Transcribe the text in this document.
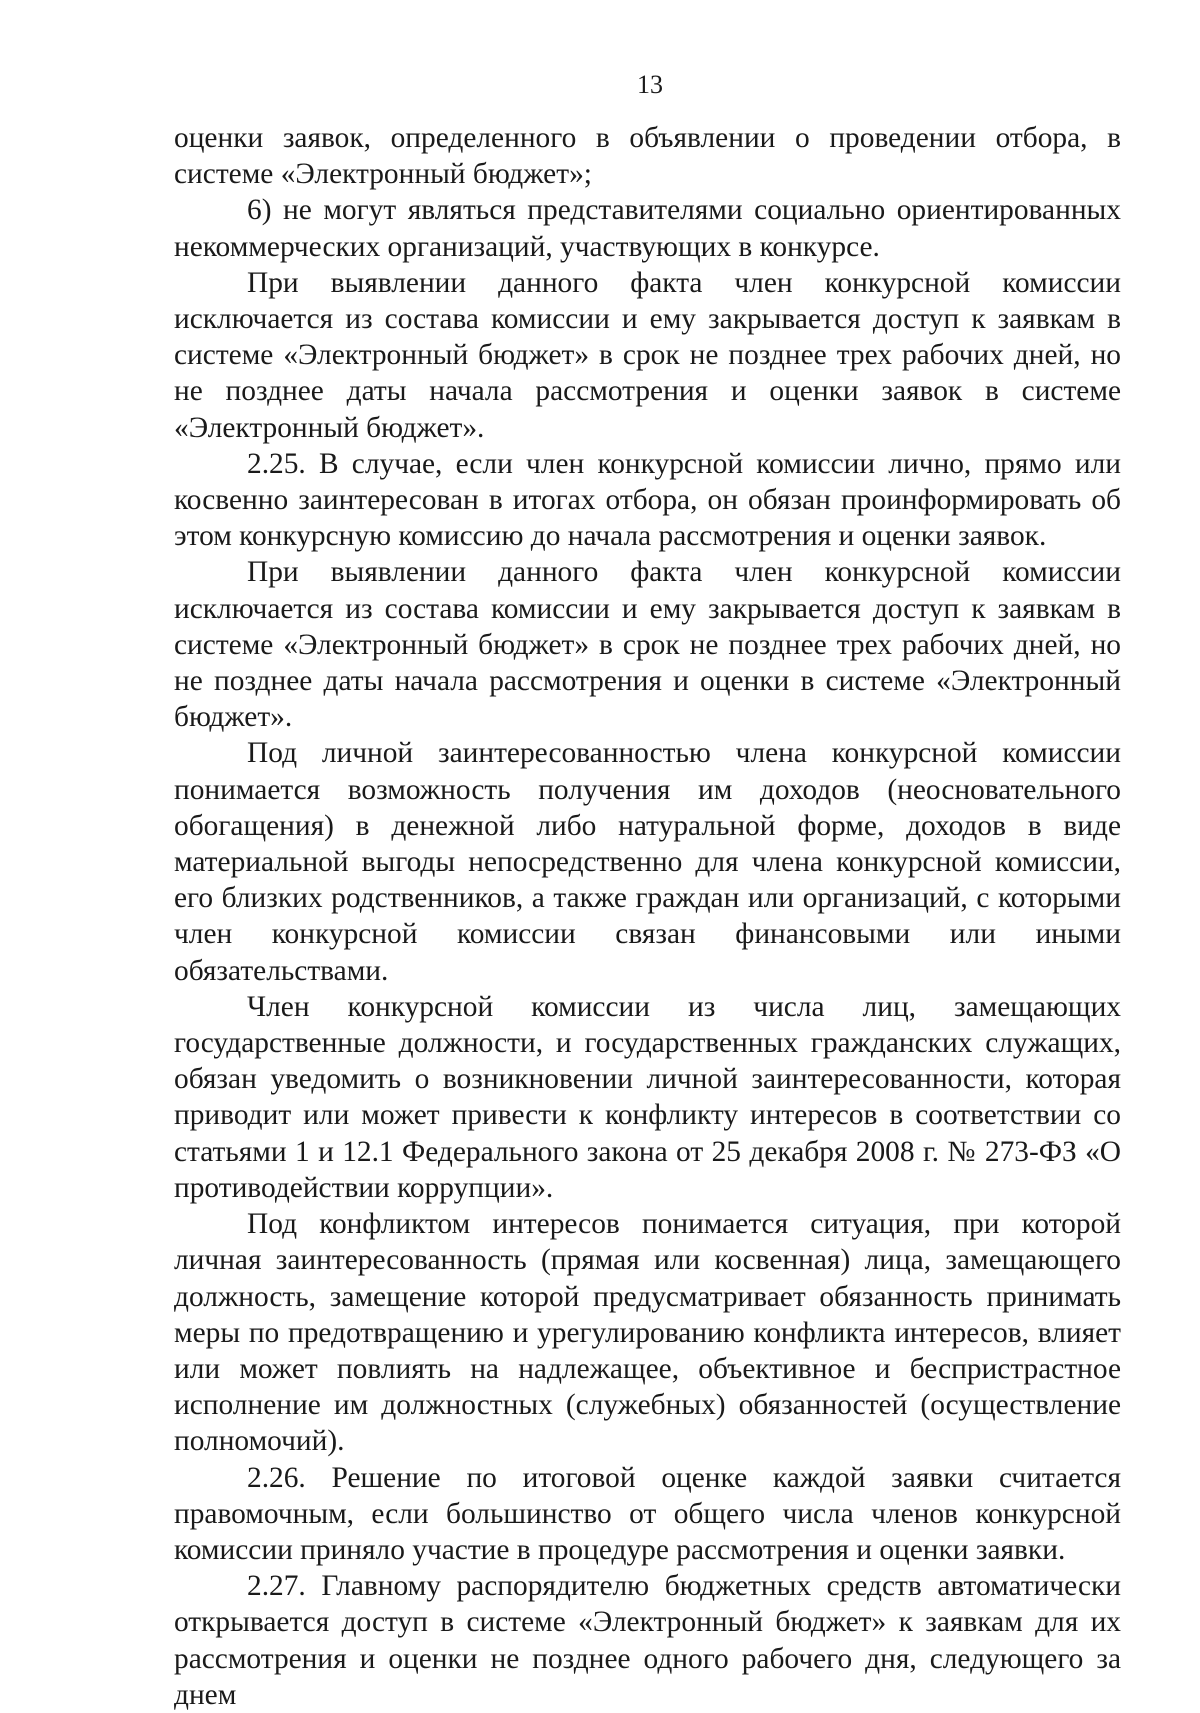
13

оценки заявок, определенного в объявлении о проведении отбора, в системе «Электронный бюджет»;

6) не могут являться представителями социально ориентированных некоммерческих организаций, участвующих в конкурсе.

При выявлении данного факта член конкурсной комиссии исключается из состава комиссии и ему закрывается доступ к заявкам в системе «Электронный бюджет» в срок не позднее трех рабочих дней, но не позднее даты начала рассмотрения и оценки заявок в системе «Электронный бюджет».

2.25. В случае, если член конкурсной комиссии лично, прямо или косвенно заинтересован в итогах отбора, он обязан проинформировать об этом конкурсную комиссию до начала рассмотрения и оценки заявок.

При выявлении данного факта член конкурсной комиссии исключается из состава комиссии и ему закрывается доступ к заявкам в системе «Электронный бюджет» в срок не позднее трех рабочих дней, но не позднее даты начала рассмотрения и оценки в системе «Электронный бюджет».

Под личной заинтересованностью члена конкурсной комиссии понимается возможность получения им доходов (неосновательного обогащения) в денежной либо натуральной форме, доходов в виде материальной выгоды непосредственно для члена конкурсной комиссии, его близких родственников, а также граждан или организаций, с которыми член конкурсной комиссии связан финансовыми или иными обязательствами.

Член конкурсной комиссии из числа лиц, замещающих государственные должности, и государственных гражданских служащих, обязан уведомить о возникновении личной заинтересованности, которая приводит или может привести к конфликту интересов в соответствии со статьями 1 и 12.1 Федерального закона от 25 декабря 2008 г. № 273-ФЗ «О противодействии коррупции».

Под конфликтом интересов понимается ситуация, при которой личная заинтересованность (прямая или косвенная) лица, замещающего должность, замещение которой предусматривает обязанность принимать меры по предотвращению и урегулированию конфликта интересов, влияет или может повлиять на надлежащее, объективное и беспристрастное исполнение им должностных (служебных) обязанностей (осуществление полномочий).

2.26. Решение по итоговой оценке каждой заявки считается правомочным, если большинство от общего числа членов конкурсной комиссии приняло участие в процедуре рассмотрения и оценки заявки.

2.27. Главному распорядителю бюджетных средств автоматически открывается доступ в системе «Электронный бюджет» к заявкам для их рассмотрения и оценки не позднее одного рабочего дня, следующего за днем
